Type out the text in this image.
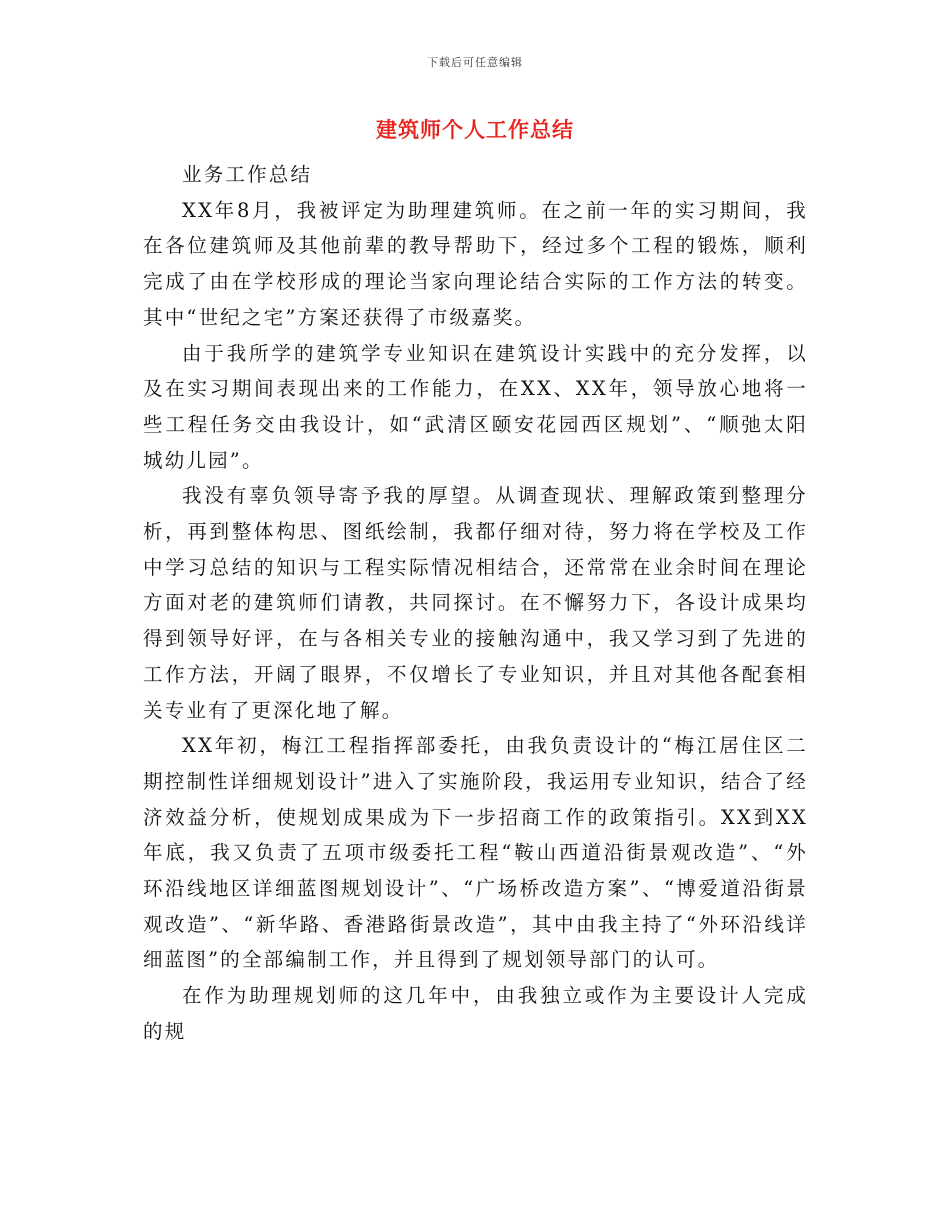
下载后可任意编辑
建筑师个人工作总结

业务工作总结

XX年8月，我被评定为助理建筑师。在之前一年的实习期间，我在各位建筑师及其他前辈的教导帮助下，经过多个工程的锻炼，顺利完成了由在学校形成的理论当家向理论结合实际的工作方法的转变。其中“世纪之宅”方案还获得了市级嘉奖。

由于我所学的建筑学专业知识在建筑设计实践中的充分发挥，以及在实习期间表现出来的工作能力，在XX、XX年，领导放心地将一些工程任务交由我设计，如“武清区颐安花园西区规划”、“顺弛太阳城幼儿园”。

我没有辜负领导寄予我的厚望。从调查现状、理解政策到整理分析，再到整体构思、图纸绘制，我都仔细对待，努力将在学校及工作中学习总结的知识与工程实际情况相结合，还常常在业余时间在理论方面对老的建筑师们请教，共同探讨。在不懈努力下，各设计成果均得到领导好评，在与各相关专业的接触沟通中，我又学习到了先进的工作方法，开阔了眼界，不仅增长了专业知识，并且对其他各配套相关专业有了更深化地了解。

XX年初，梅江工程指挥部委托，由我负责设计的“梅江居住区二期控制性详细规划设计”进入了实施阶段，我运用专业知识，结合了经济效益分析，使规划成果成为下一步招商工作的政策指引。XX到XX年底，我又负责了五项市级委托工程“鞍山西道沿街景观改造”、“外环沿线地区详细蓝图规划设计”、“广场桥改造方案”、“博爱道沿街景观改造”、“新华路、香港路街景改造”，其中由我主持了“外环沿线详细蓝图”的全部编制工作，并且得到了规划领导部门的认可。

在作为助理规划师的这几年中，由我独立或作为主要设计人完成的规
